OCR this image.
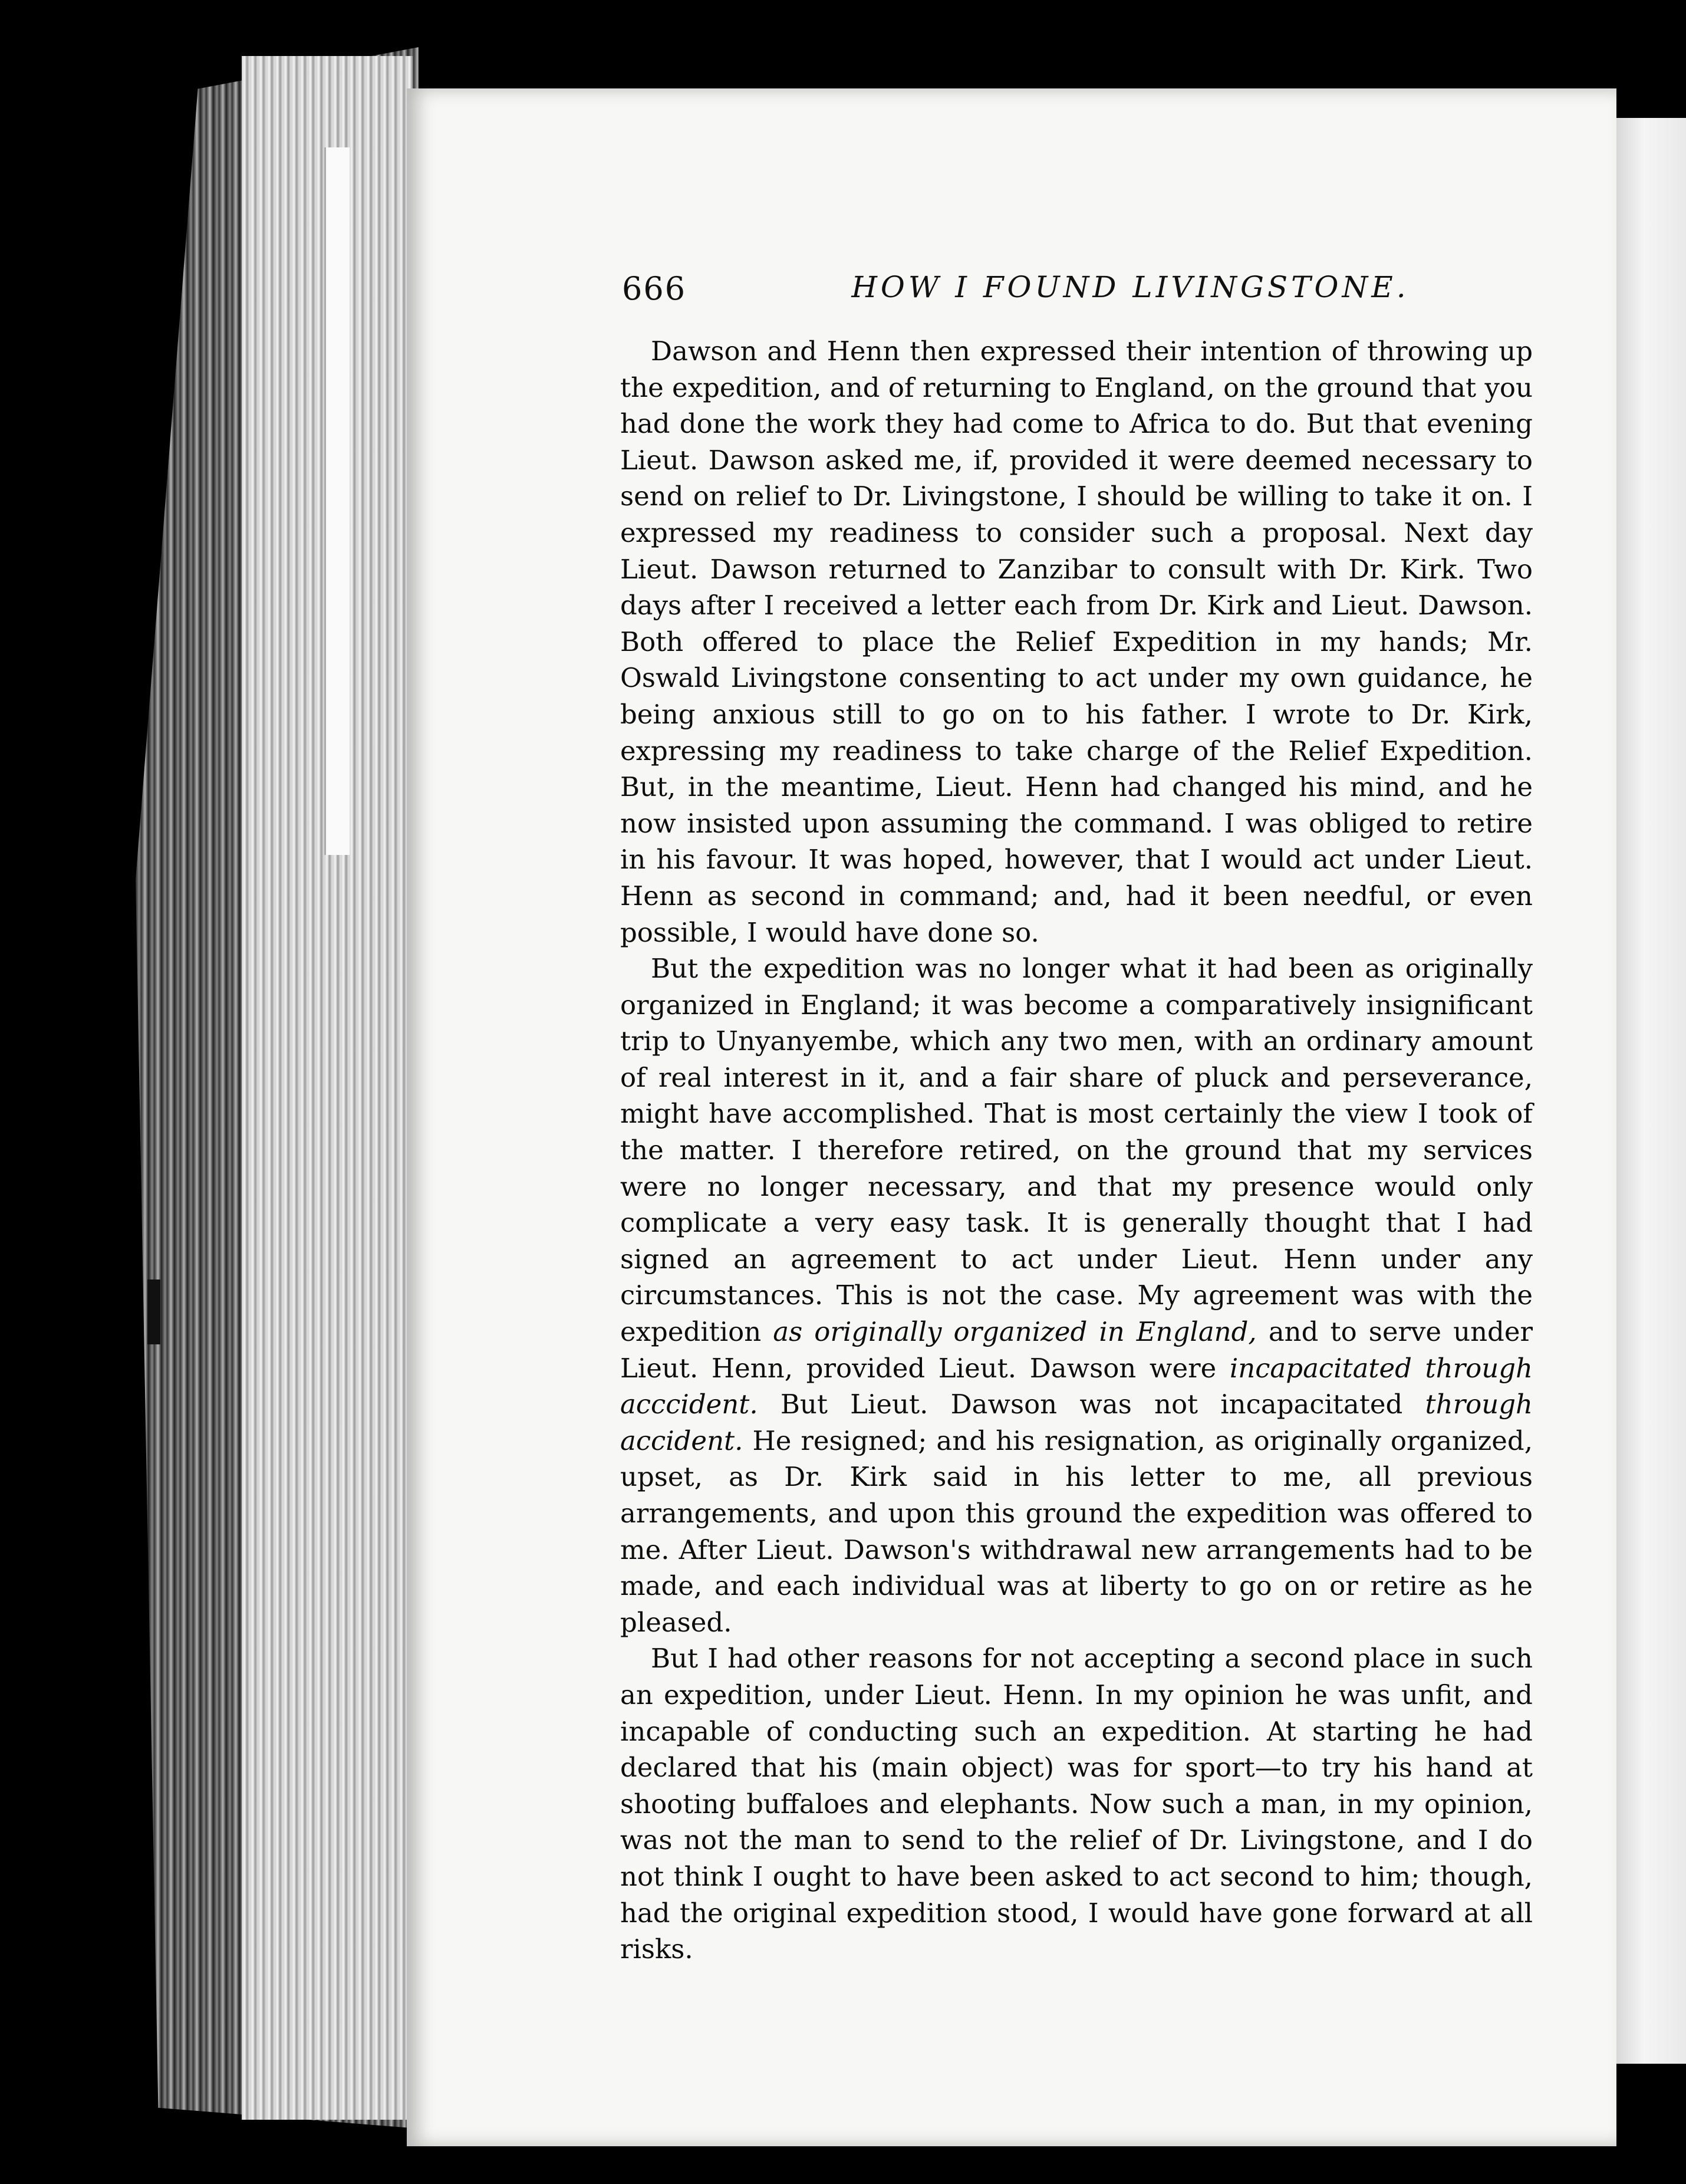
666	HOW I FOUND LIVINGSTONE.

Dawson and Henn then expressed their intention of throwing up the expedition, and of returning to England, on the ground that you had done the work they had come to Africa to do. But that evening Lieut. Dawson asked me, if, provided it were deemed necessary to send on relief to Dr. Livingstone, I should be willing to take it on. I expressed my readiness to consider such a proposal. Next day Lieut. Dawson returned to Zanzibar to consult with Dr. Kirk. Two days after I received a letter each from Dr. Kirk and Lieut. Dawson. Both offered to place the Relief Expedition in my hands; Mr. Oswald Livingstone consenting to act under my own guidance, he being anxious still to go on to his father. I wrote to Dr. Kirk, expressing my readiness to take charge of the Relief Expedition. But, in the meantime, Lieut. Henn had changed his mind, and he now insisted upon assuming the command. I was obliged to retire in his favour. It was hoped, however, that I would act under Lieut. Henn as second in command; and, had it been needful, or even possible, I would have done so.

But the expedition was no longer what it had been as originally organized in England; it was become a comparatively insignificant trip to Unyanyembe, which any two men, with an ordinary amount of real interest in it, and a fair share of pluck and perseverance, might have accomplished. That is most certainly the view I took of the matter. I therefore retired, on the ground that my services were no longer necessary, and that my presence would only complicate a very easy task. It is generally thought that I had signed an agreement to act under Lieut. Henn under any circumstances. This is not the case. My agreement was with the expedition as originally organized in England, and to serve under Lieut. Henn, provided Lieut. Dawson were incapacitated through acccident. But Lieut. Dawson was not incapacitated through accident. He resigned; and his resignation, as originally organized, upset, as Dr. Kirk said in his letter to me, all previous arrangements, and upon this ground the expedition was offered to me. After Lieut. Dawson's withdrawal new arrangements had to be made, and each individual was at liberty to go on or retire as he pleased.

But I had other reasons for not accepting a second place in such an expedition, under Lieut. Henn. In my opinion he was unfit, and incapable of conducting such an expedition. At starting he had declared that his (main object) was for sport—to try his hand at shooting buffaloes and elephants. Now such a man, in my opinion, was not the man to send to the relief of Dr. Livingstone, and I do not think I ought to have been asked to act second to him; though, had the original expedition stood, I would have gone forward at all risks.
